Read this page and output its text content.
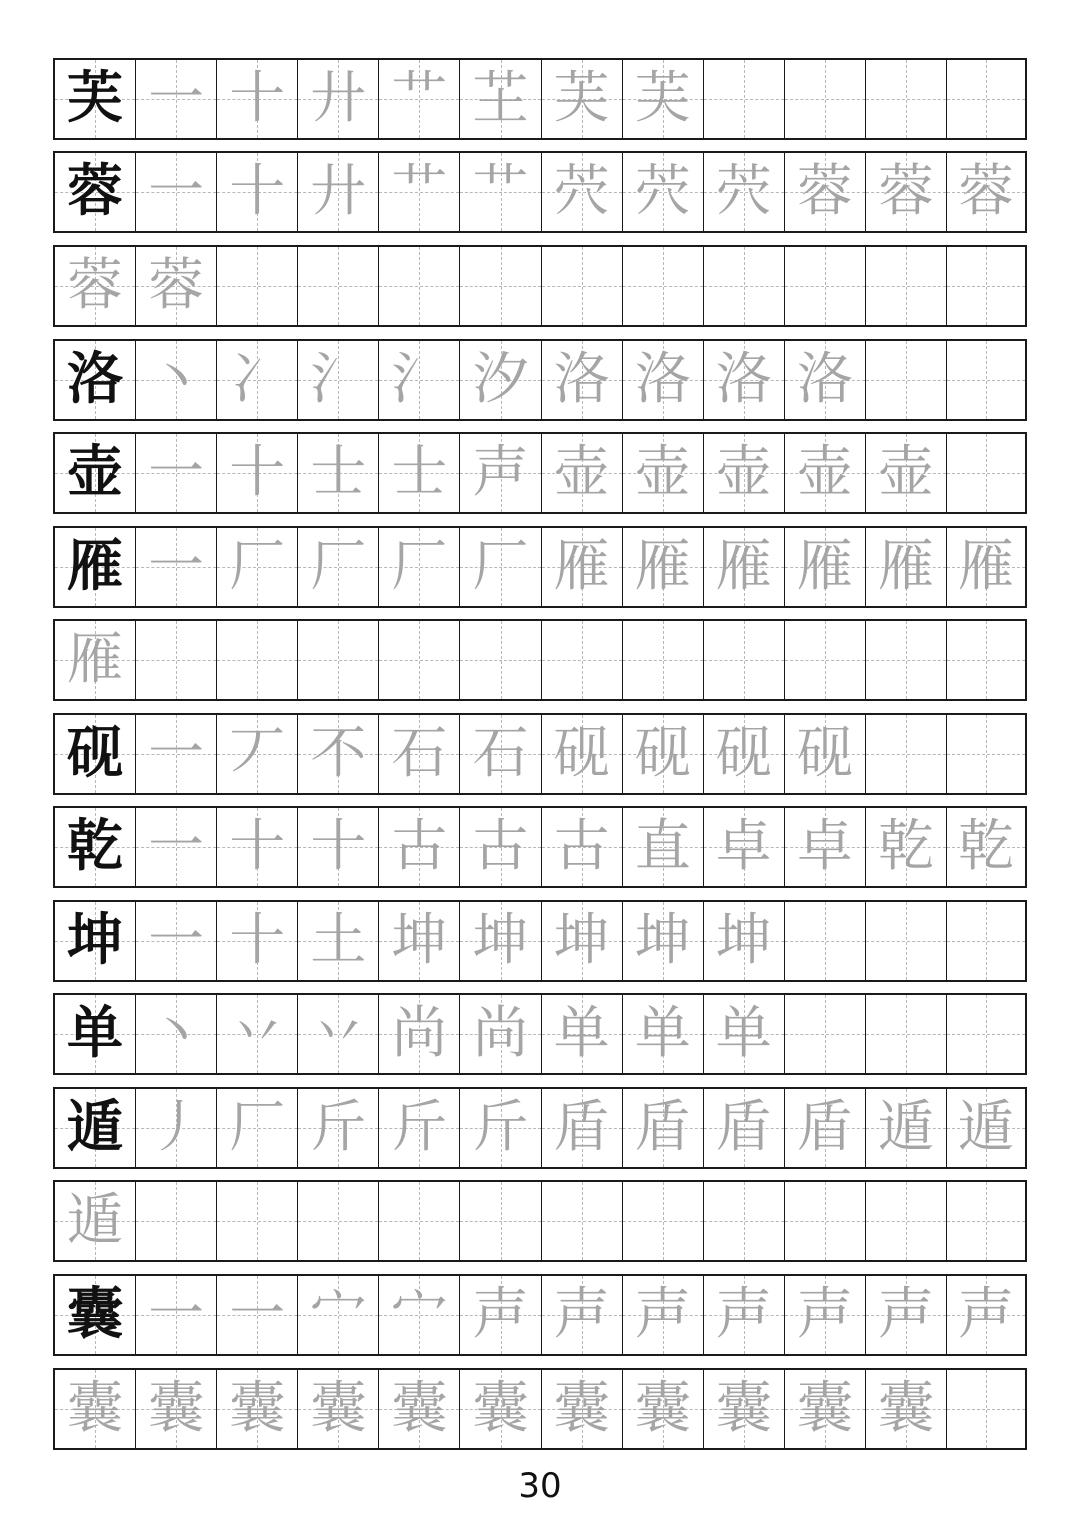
芙 一 十 廾 艹 芏 芙 芙
蓉 一 十 廾 艹 艹 茓 茓 茓 蓉 蓉 蓉
蓉 蓉
洛 丶 冫 氵 氵 汐 洛 洛 洛 洛
壶 一 十 士 士 声 壶 壶 壶 壶 壶
雁 一 厂 厂 厂 厂 雁 雁 雁 雁 雁 雁
雁
砚 一 丆 不 石 石 砚 砚 砚 砚
乾 一 十 十 古 古 古 直 卓 卓 乾 乾
坤 一 十 土 坤 坤 坤 坤 坤
单 丶 丷 丷 尚 尚 单 单 单
遁 丿 厂 斤 斤 斤 盾 盾 盾 盾 遁 遁
遁
囊 一 一 宀 宀 声 声 声 声 声 声 声
囊 囊 囊 囊 囊 囊 囊 囊 囊 囊 囊
30
